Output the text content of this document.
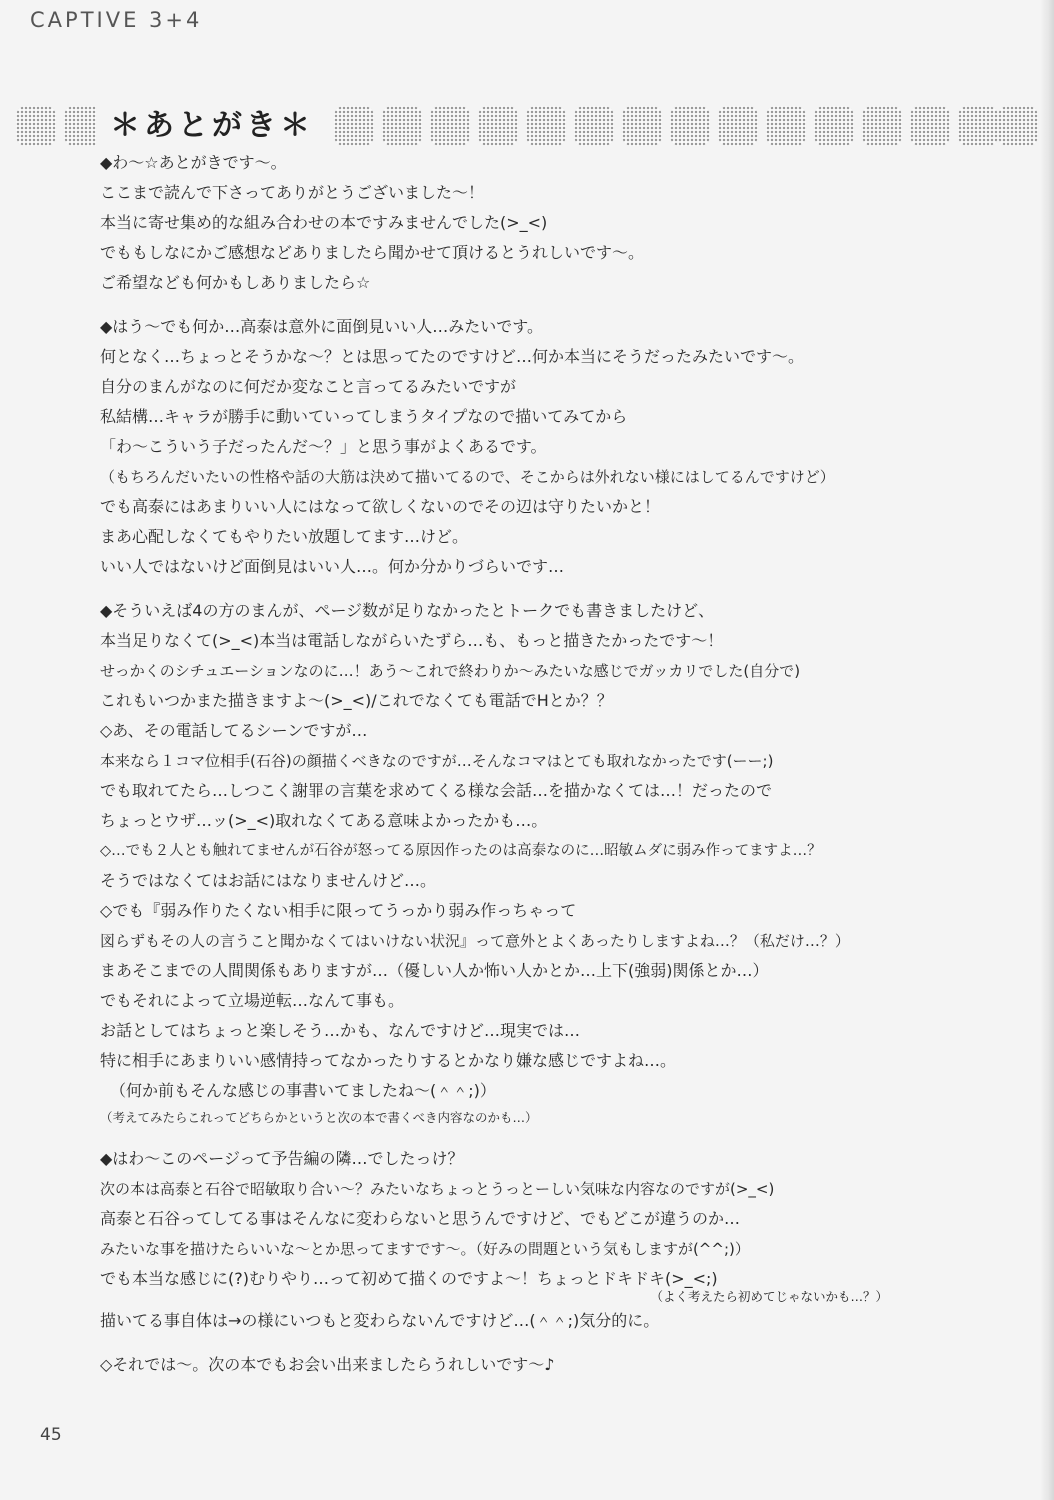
CAPTIVE 3+4
＊あとがき＊
◆わ～☆あとがきです～。
ここまで読んで下さってありがとうございました～！
本当に寄せ集め的な組み合わせの本ですみませんでした(>_<)
でももしなにかご感想などありましたら聞かせて頂けるとうれしいです～。
ご希望なども何かもしありましたら☆
◆はう～でも何か…高泰は意外に面倒見いい人…みたいです。
何となく…ちょっとそうかな～？とは思ってたのですけど…何か本当にそうだったみたいです～。
自分のまんがなのに何だか変なこと言ってるみたいですが
私結構…キャラが勝手に動いていってしまうタイプなので描いてみてから
「わ～こういう子だったんだ～？」と思う事がよくあるです。
（もちろんだいたいの性格や話の大筋は決めて描いてるので、そこからは外れない様にはしてるんですけど）
でも高泰にはあまりいい人にはなって欲しくないのでその辺は守りたいかと！
まあ心配しなくてもやりたい放題してます…けど。
いい人ではないけど面倒見はいい人…。何か分かりづらいです…
◆そういえば4の方のまんが、ページ数が足りなかったとトークでも書きましたけど、
本当足りなくて(>_<)本当は電話しながらいたずら…も、もっと描きたかったです～！
せっかくのシチュエーションなのに…！あう～これで終わりか～みたいな感じでガッカリでした(自分で)
これもいつかまた描きますよ～(>_<)/これでなくても電話でHとか？？
◇あ、その電話してるシーンですが…
本来なら１コマ位相手(石谷)の顔描くべきなのですが…そんなコマはとても取れなかったです(ーー;)
でも取れてたら…しつこく謝罪の言葉を求めてくる様な会話…を描かなくては…！だったので
ちょっとウザ…ッ(>_<)取れなくてある意味よかったかも…。
◇…でも２人とも触れてませんが石谷が怒ってる原因作ったのは高泰なのに…昭敏ムダに弱み作ってますよ…？
そうではなくてはお話にはなりませんけど…。
◇でも『弱み作りたくない相手に限ってうっかり弱み作っちゃって
図らずもその人の言うこと聞かなくてはいけない状況』って意外とよくあったりしますよね…？（私だけ…？）
まあそこまでの人間関係もありますが…（優しい人か怖い人かとか…上下(強弱)関係とか…）
でもそれによって立場逆転…なんて事も。
お話としてはちょっと楽しそう…かも、なんですけど…現実では…
特に相手にあまりいい感情持ってなかったりするとかなり嫌な感じですよね…。
（何か前もそんな感じの事書いてましたね～(＾＾;)）
（考えてみたらこれってどちらかというと次の本で書くべき内容なのかも…）
◆はわ～このページって予告編の隣…でしたっけ？
次の本は高泰と石谷で昭敏取り合い～？みたいなちょっとうっとーしい気味な内容なのですが(>_<)
高泰と石谷ってしてる事はそんなに変わらないと思うんですけど、でもどこが違うのか…
みたいな事を描けたらいいな～とか思ってますです～。（好みの問題という気もしますが(^^;)）
でも本当な感じに(?)むりやり…って初めて描くのですよ～！ちょっとドキドキ(>_<;)
（よく考えたら初めてじゃないかも…？）
描いてる事自体は→の様にいつもと変わらないんですけど…(＾＾;)気分的に。
◇それでは～。次の本でもお会い出来ましたらうれしいです～♪
45
